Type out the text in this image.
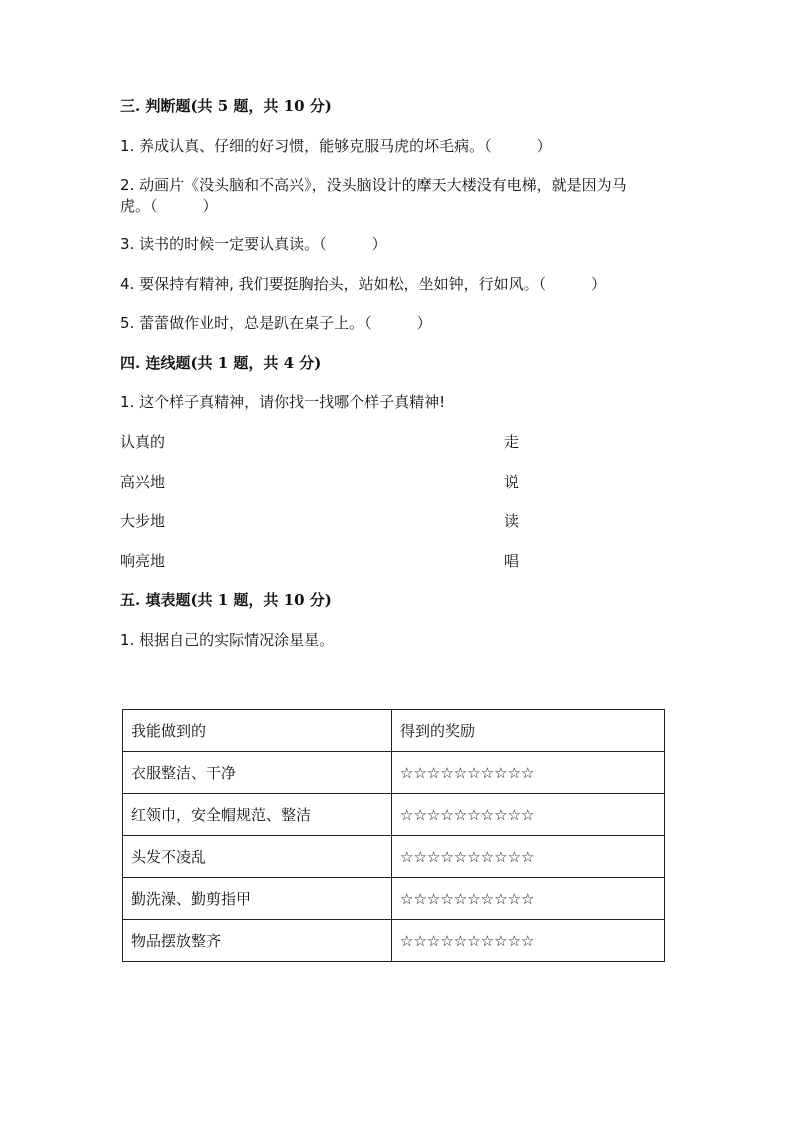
三. 判断题(共 5 题，共 10 分)
1. 养成认真、仔细的好习惯，能够克服马虎的坏毛病。（　　　）
2. 动画片《没头脑和不高兴》，没头脑设计的摩天大楼没有电梯，就是因为马
虎。（　　　）
3. 读书的时候一定要认真读。（　　　）
4. 要保持有精神, 我们要挺胸抬头，站如松，坐如钟，行如风。（　　　）
5. 蕾蕾做作业时，总是趴在桌子上。（　　　）
四. 连线题(共 1 题，共 4 分)
1. 这个样子真精神，请你找一找哪个样子真精神!
认真的	走
高兴地	说
大步地	读
响亮地	唱
五. 填表题(共 1 题，共 10 分)
1. 根据自己的实际情况涂星星。
我能做到的	得到的奖励
衣服整洁、干净	☆☆☆☆☆☆☆☆☆☆
红领巾，安全帽规范、整洁	☆☆☆☆☆☆☆☆☆☆
头发不凌乱	☆☆☆☆☆☆☆☆☆☆
勤洗澡、勤剪指甲	☆☆☆☆☆☆☆☆☆☆
物品摆放整齐	☆☆☆☆☆☆☆☆☆☆
